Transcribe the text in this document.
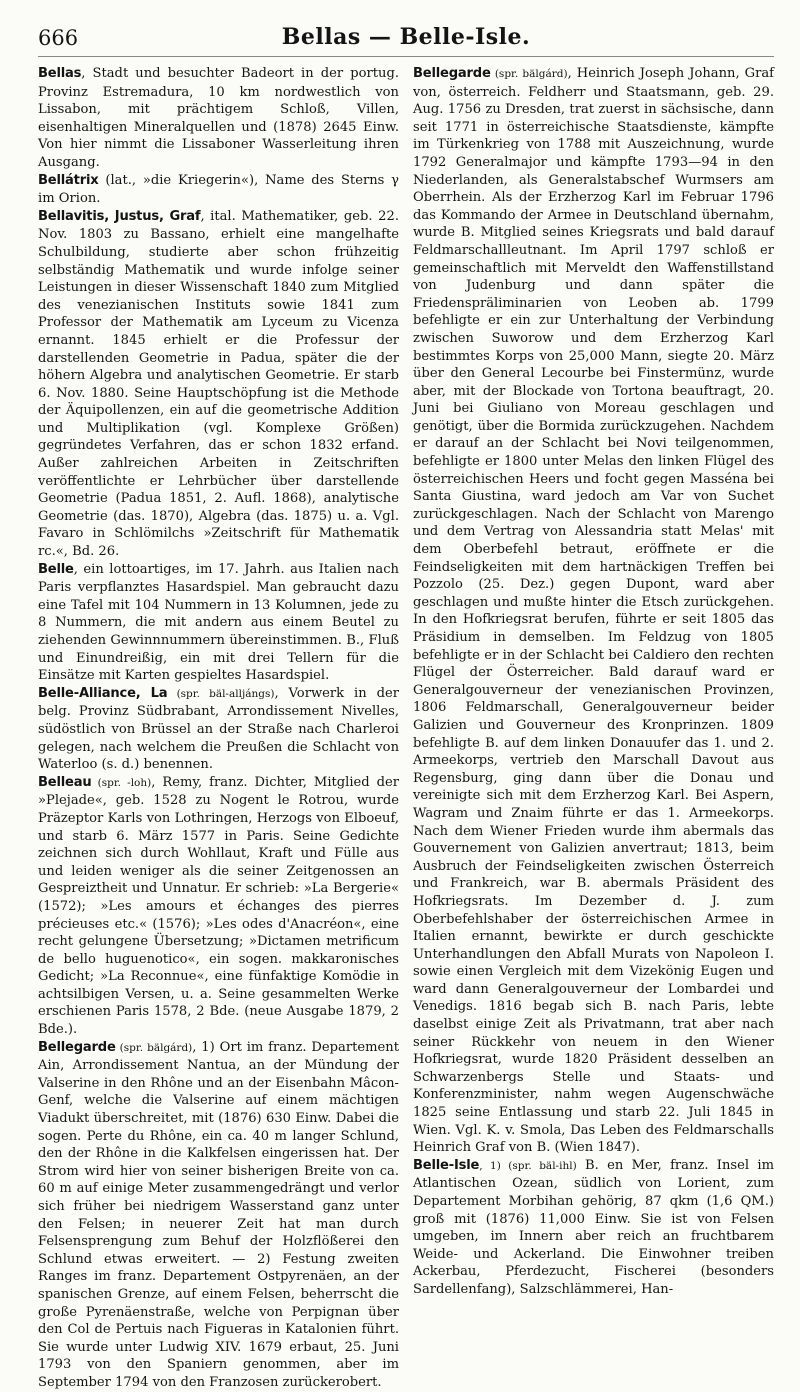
666	Bellas — Belle-Isle.

Bellas, Stadt und besuchter Badeort in der portug. Provinz Estremadura, 10 km nordwestlich von Lissabon, mit prächtigem Schloß, Villen, eisenhaltigen Mineralquellen und (1878) 2645 Einw. Von hier nimmt die Lissaboner Wasserleitung ihren Ausgang.

Bellátrix (lat., »die Kriegerin«), Name des Sterns γ im Orion.

Bellavitis, Justus, Graf, ital. Mathematiker, geb. 22. Nov. 1803 zu Bassano, erhielt eine mangelhafte Schulbildung, studierte aber schon frühzeitig selbständig Mathematik und wurde infolge seiner Leistungen in dieser Wissenschaft 1840 zum Mitglied des venezianischen Instituts sowie 1841 zum Professor der Mathematik am Lyceum zu Vicenza ernannt. 1845 erhielt er die Professur der darstellenden Geometrie in Padua, später die der höhern Algebra und analytischen Geometrie. Er starb 6. Nov. 1880. Seine Hauptschöpfung ist die Methode der Äquipollenzen, ein auf die geometrische Addition und Multiplikation (vgl. Komplexe Größen) gegründetes Verfahren, das er schon 1832 erfand. Außer zahlreichen Arbeiten in Zeitschriften veröffentlichte er Lehrbücher über darstellende Geometrie (Padua 1851, 2. Aufl. 1868), analytische Geometrie (das. 1870), Algebra (das. 1875) u. a. Vgl. Favaro in Schlömilchs »Zeitschrift für Mathematik rc.«, Bd. 26.

Belle, ein lottoartiges, im 17. Jahrh. aus Italien nach Paris verpflanztes Hasardspiel. Man gebraucht dazu eine Tafel mit 104 Nummern in 13 Kolumnen, jede zu 8 Nummern, die mit andern aus einem Beutel zu ziehenden Gewinnnummern übereinstimmen. B., Fluß und Einundreißig, ein mit drei Tellern für die Einsätze mit Karten gespieltes Hasardspiel.

Belle-Alliance, La (spr. bäl-alljángs), Vorwerk in der belg. Provinz Südbrabant, Arrondissement Nivelles, südöstlich von Brüssel an der Straße nach Charleroi gelegen, nach welchem die Preußen die Schlacht von Waterloo (s. d.) benennen.

Belleau (spr. -loh), Remy, franz. Dichter, Mitglied der »Plejade«, geb. 1528 zu Nogent le Rotrou, wurde Präzeptor Karls von Lothringen, Herzogs von Elboeuf, und starb 6. März 1577 in Paris. Seine Gedichte zeichnen sich durch Wohllaut, Kraft und Fülle aus und leiden weniger als die seiner Zeitgenossen an Gespreiztheit und Unnatur. Er schrieb: »La Bergerie« (1572); »Les amours et échanges des pierres précieuses etc.« (1576); »Les odes d'Anacréon«, eine recht gelungene Übersetzung; »Dictamen metrificum de bello huguenotico«, ein sogen. makkaronisches Gedicht; »La Reconnue«, eine fünfaktige Komödie in achtsilbigen Versen, u. a. Seine gesammelten Werke erschienen Paris 1578, 2 Bde. (neue Ausgabe 1879, 2 Bde.).

Bellegarde (spr. bälgárd), 1) Ort im franz. Departement Ain, Arrondissement Nantua, an der Mündung der Valserine in den Rhône und an der Eisenbahn Mâcon-Genf, welche die Valserine auf einem mächtigen Viadukt überschreitet, mit (1876) 630 Einw. Dabei die sogen. Perte du Rhône, ein ca. 40 m langer Schlund, den der Rhône in die Kalkfelsen eingerissen hat. Der Strom wird hier von seiner bisherigen Breite von ca. 60 m auf einige Meter zusammengedrängt und verlor sich früher bei niedrigem Wasserstand ganz unter den Felsen; in neuerer Zeit hat man durch Felsensprengung zum Behuf der Holzflößerei den Schlund etwas erweitert. — 2) Festung zweiten Ranges im franz. Departement Ostpyrenäen, an der spanischen Grenze, auf einem Felsen, beherrscht die große Pyrenäenstraße, welche von Perpignan über den Col de Pertuis nach Figueras in Katalonien führt. Sie wurde unter Ludwig XIV. 1679 erbaut, 25. Juni 1793 von den Spaniern genommen, aber im September 1794 von den Franzosen zurückerobert.

Bellegarde (spr. bälgárd), Heinrich Joseph Johann, Graf von, österreich. Feldherr und Staatsmann, geb. 29. Aug. 1756 zu Dresden, trat zuerst in sächsische, dann seit 1771 in österreichische Staatsdienste, kämpfte im Türkenkrieg von 1788 mit Auszeichnung, wurde 1792 Generalmajor und kämpfte 1793—94 in den Niederlanden, als Generalstabschef Wurmsers am Oberrhein. Als der Erzherzog Karl im Februar 1796 das Kommando der Armee in Deutschland übernahm, wurde B. Mitglied seines Kriegsrats und bald darauf Feldmarschallleutnant. Im April 1797 schloß er gemeinschaftlich mit Merveldt den Waffenstillstand von Judenburg und dann später die Friedenspräliminarien von Leoben ab. 1799 befehligte er ein zur Unterhaltung der Verbindung zwischen Suworow und dem Erzherzog Karl bestimmtes Korps von 25,000 Mann, siegte 20. März über den General Lecourbe bei Finstermünz, wurde aber, mit der Blockade von Tortona beauftragt, 20. Juni bei Giuliano von Moreau geschlagen und genötigt, über die Bormida zurückzugehen. Nachdem er darauf an der Schlacht bei Novi teilgenommen, befehligte er 1800 unter Melas den linken Flügel des österreichischen Heers und focht gegen Masséna bei Santa Giustina, ward jedoch am Var von Suchet zurückgeschlagen. Nach der Schlacht von Marengo und dem Vertrag von Alessandria statt Melas' mit dem Oberbefehl betraut, eröffnete er die Feindseligkeiten mit dem hartnäckigen Treffen bei Pozzolo (25. Dez.) gegen Dupont, ward aber geschlagen und mußte hinter die Etsch zurückgehen. In den Hofkriegsrat berufen, führte er seit 1805 das Präsidium in demselben. Im Feldzug von 1805 befehligte er in der Schlacht bei Caldiero den rechten Flügel der Österreicher. Bald darauf ward er Generalgouverneur der venezianischen Provinzen, 1806 Feldmarschall, Generalgouverneur beider Galizien und Gouverneur des Kronprinzen. 1809 befehligte B. auf dem linken Donauufer das 1. und 2. Armeekorps, vertrieb den Marschall Davout aus Regensburg, ging dann über die Donau und vereinigte sich mit dem Erzherzog Karl. Bei Aspern, Wagram und Znaim führte er das 1. Armeekorps. Nach dem Wiener Frieden wurde ihm abermals das Gouvernement von Galizien anvertraut; 1813, beim Ausbruch der Feindseligkeiten zwischen Österreich und Frankreich, war B. abermals Präsident des Hofkriegsrats. Im Dezember d. J. zum Oberbefehlshaber der österreichischen Armee in Italien ernannt, bewirkte er durch geschickte Unterhandlungen den Abfall Murats von Napoleon I. sowie einen Vergleich mit dem Vizekönig Eugen und ward dann Generalgouverneur der Lombardei und Venedigs. 1816 begab sich B. nach Paris, lebte daselbst einige Zeit als Privatmann, trat aber nach seiner Rückkehr von neuem in den Wiener Hofkriegsrat, wurde 1820 Präsident desselben an Schwarzenbergs Stelle und Staats- und Konferenzminister, nahm wegen Augenschwäche 1825 seine Entlassung und starb 22. Juli 1845 in Wien. Vgl. K. v. Smola, Das Leben des Feldmarschalls Heinrich Graf von B. (Wien 1847).

Belle-Isle, 1) (spr. bäl-ihl) B. en Mer, franz. Insel im Atlantischen Ozean, südlich von Lorient, zum Departement Morbihan gehörig, 87 qkm (1,6 QM.) groß mit (1876) 11,000 Einw. Sie ist von Felsen umgeben, im Innern aber reich an fruchtbarem Weide- und Ackerland. Die Einwohner treiben Ackerbau, Pferdezucht, Fischerei (besonders Sardellenfang), Salzschlämmerei, Han-
